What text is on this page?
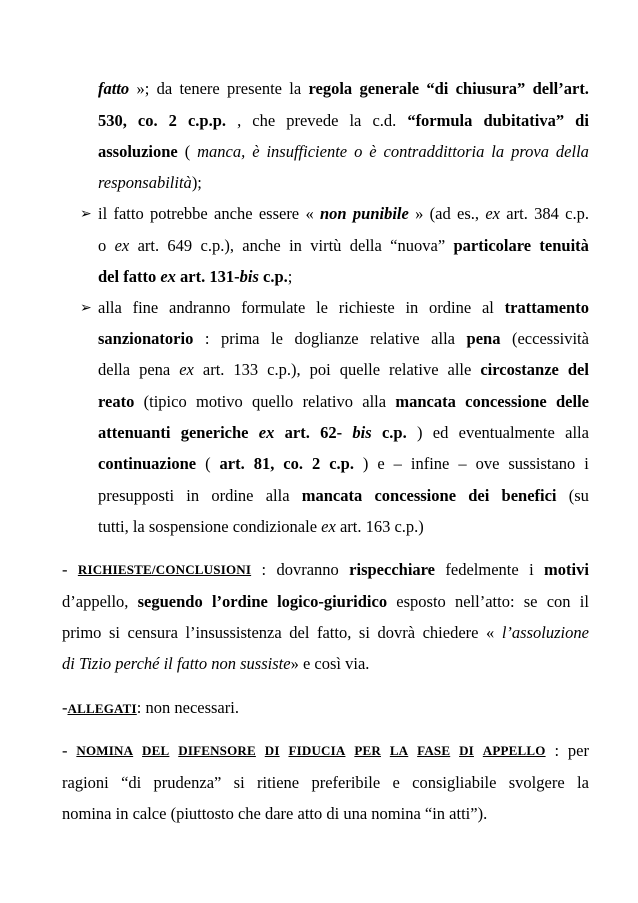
fatto »; da tenere presente la regola generale “di chiusura” dell’art.
530, co. 2 c.p.p. , che prevede la c.d. “formula dubitativa” di
assoluzione ( manca, è insufficiente o è contraddittoria la prova della
responsabilità);
➢ il fatto potrebbe anche essere « non punibile » (ad es., ex art. 384 c.p.
o ex art. 649 c.p.), anche in virtù della “nuova” particolare tenuità
del fatto ex art. 131-bis c.p.;
➢ alla fine andranno formulate le richieste in ordine al trattamento
sanzionatorio : prima le doglianze relative alla pena (eccessività
della pena ex art. 133 c.p.), poi quelle relative alle circostanze del
reato (tipico motivo quello relativo alla mancata concessione delle
attenuanti generiche ex art. 62- bis c.p. ) ed eventualmente alla
continuazione ( art. 81, co. 2 c.p. ) e – infine – ove sussistano i
presupposti in ordine alla mancata concessione dei benefici (su
tutti, la sospensione condizionale ex art. 163 c.p.)
- RICHIESTE/CONCLUSIONI : dovranno rispecchiare fedelmente i motivi
d’appello, seguendo l’ordine logico-giuridico esposto nell’atto: se con il
primo si censura l’insussistenza del fatto, si dovrà chiedere « l’assoluzione
di Tizio perché il fatto non sussiste» e così via.
-ALLEGATI: non necessari.
- NOMINA DEL DIFENSORE DI FIDUCIA PER LA FASE DI APPELLO : per
ragioni “di prudenza” si ritiene preferibile e consigliabile svolgere la
nomina in calce (piuttosto che dare atto di una nomina “in atti”).
